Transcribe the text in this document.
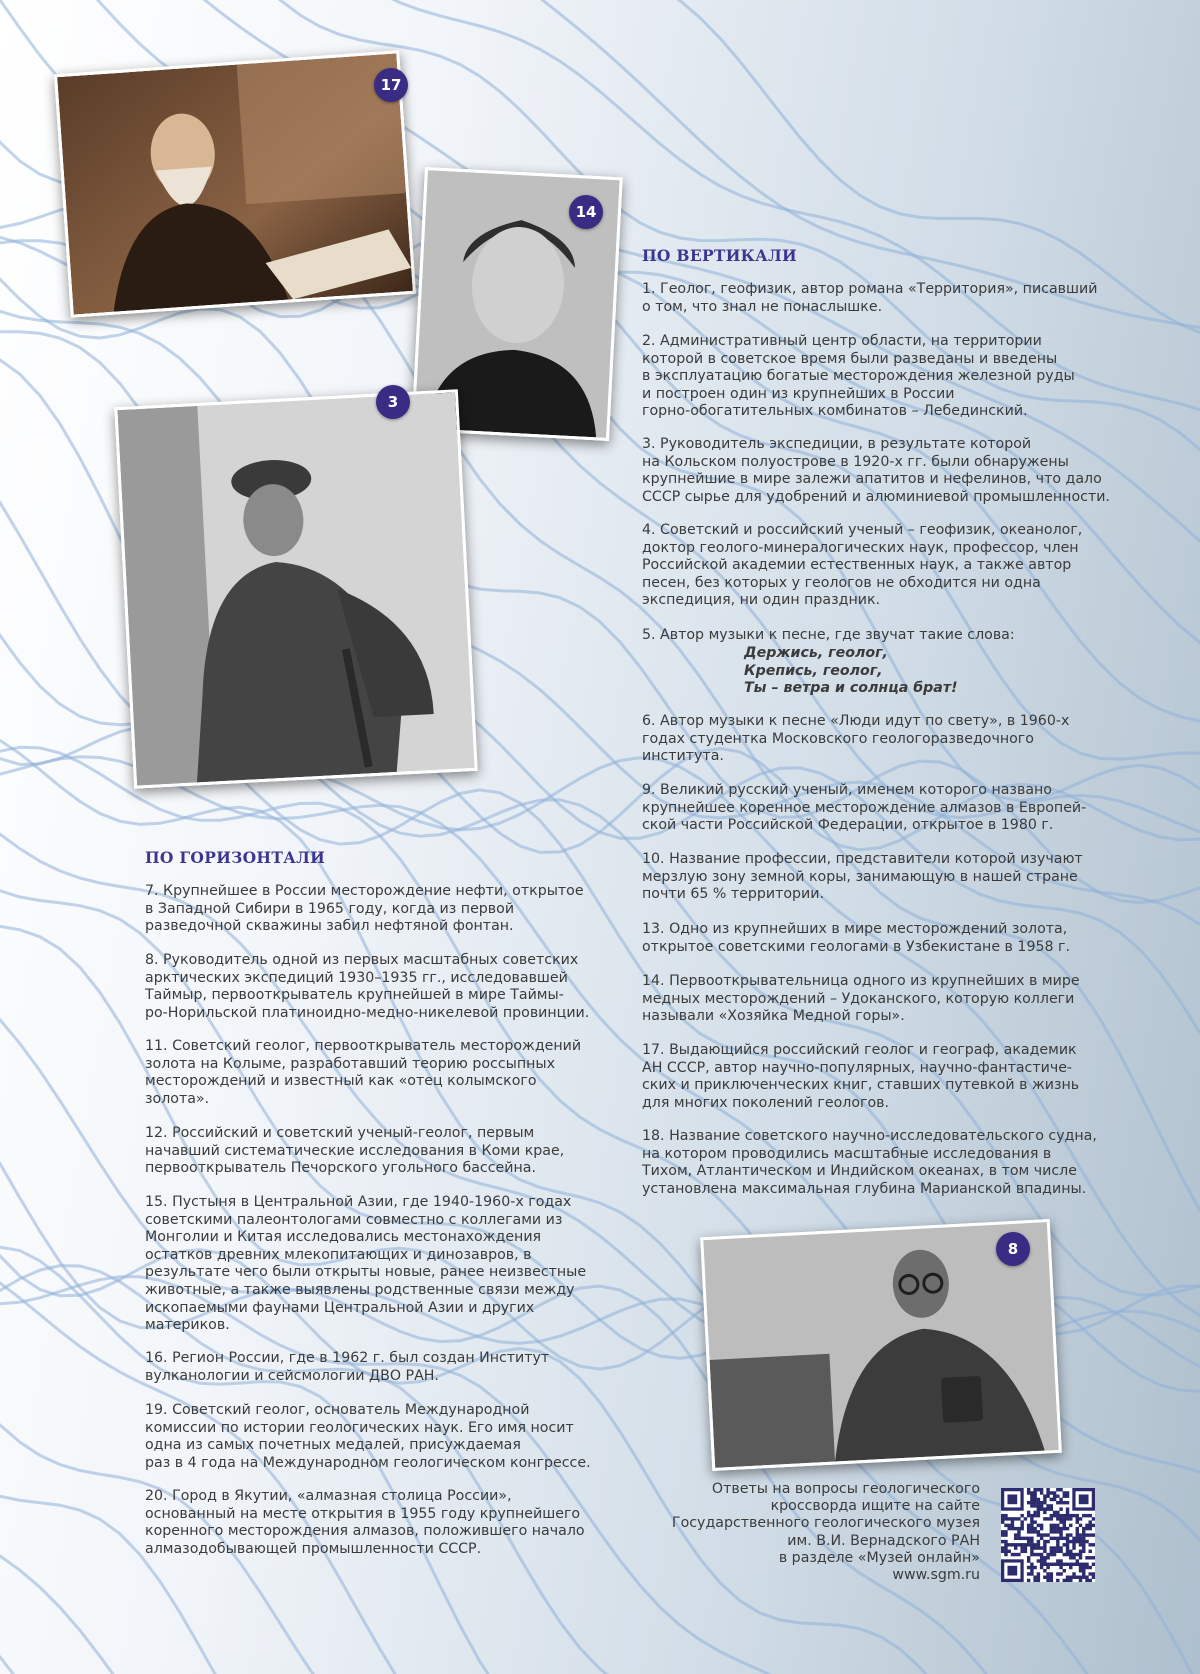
17
14
3
8
ПО ВЕРТИКАЛИ

1. Геолог, геофизик, автор романа «Территория», писавший
о том, что знал не понаслышке.

2. Административный центр области, на территории
которой в советское время были разведаны и введены
в эксплуатацию богатые месторождения железной руды
и построен один из крупнейших в России
горно-обогатительных комбинатов – Лебединский.

3. Руководитель экспедиции, в результате которой
на Кольском полуострове в 1920-х гг. были обнаружены
крупнейшие в мире залежи апатитов и нефелинов, что дало
СССР сырье для удобрений и алюминиевой промышленности.

4. Советский и российский ученый – геофизик, океанолог,
доктор геолого-минералогических наук, профессор, член
Российской академии естественных наук, а также автор
песен, без которых у геологов не обходится ни одна
экспедиция, ни один праздник.

5. Автор музыки к песне, где звучат такие слова:

Держись, геолог,
Крепись, геолог,
Ты – ветра и солнца брат!

6. Автор музыки к песне «Люди идут по свету», в 1960-х
годах студентка Московского геологоразведочного
института.

9. Великий русский ученый, именем которого названо
крупнейшее коренное месторождение алмазов в Европей-
ской части Российской Федерации, открытое в 1980 г.

10. Название профессии, представители которой изучают
мерзлую зону земной коры, занимающую в нашей стране
почти 65 % территории.

13. Одно из крупнейших в мире месторождений золота,
открытое советскими геологами в Узбекистане в 1958 г.

14. Первооткрывательница одного из крупнейших в мире
медных месторождений – Удоканского, которую коллеги
называли «Хозяйка Медной горы».

17. Выдающийся российский геолог и географ, академик
АН СССР, автор научно-популярных, научно-фантастиче-
ских и приключенческих книг, ставших путевкой в жизнь
для многих поколений геологов.

18. Название советского научно-исследовательского судна,
на котором проводились масштабные исследования в
Тихом, Атлантическом и Индийском океанах, в том числе
установлена максимальная глубина Марианской впадины.

ПО ГОРИЗОНТАЛИ

7. Крупнейшее в России месторождение нефти, открытое
в Западной Сибири в 1965 году, когда из первой
разведочной скважины забил нефтяной фонтан.

8. Руководитель одной из первых масштабных советских
арктических экспедиций 1930–1935 гг., исследовавшей
Таймыр, первооткрыватель крупнейшей в мире Таймы-
ро-Норильской платиноидно-медно-никелевой провинции.

11. Советский геолог, первооткрыватель месторождений
золота на Колыме, разработавший теорию россыпных
месторождений и известный как «отец колымского
золота».

12. Российский и советский ученый-геолог, первым
начавший систематические исследования в Коми крае,
первооткрыватель Печорского угольного бассейна.

15. Пустыня в Центральной Азии, где 1940-1960-х годах
советскими палеонтологами совместно с коллегами из
Монголии и Китая исследовались местонахождения
остатков древних млекопитающих и динозавров, в
результате чего были открыты новые, ранее неизвестные
животные, а также выявлены родственные связи между
ископаемыми фаунами Центральной Азии и других
материков.

16. Регион России, где в 1962 г. был создан Институт
вулканологии и сейсмологии ДВО РАН.

19. Советский геолог, основатель Международной
комиссии по истории геологических наук. Его имя носит
одна из самых почетных медалей, присуждаемая
раз в 4 года на Международном геологическом конгрессе.

20. Город в Якутии, «алмазная столица России»,
основанный на месте открытия в 1955 году крупнейшего
коренного месторождения алмазов, положившего начало
алмазодобывающей промышленности СССР.

Ответы на вопросы геологического
кроссворда ищите на сайте
Государственного геологического музея
им. В.И. Вернадского РАН
в разделе «Музей онлайн»
www.sgm.ru
